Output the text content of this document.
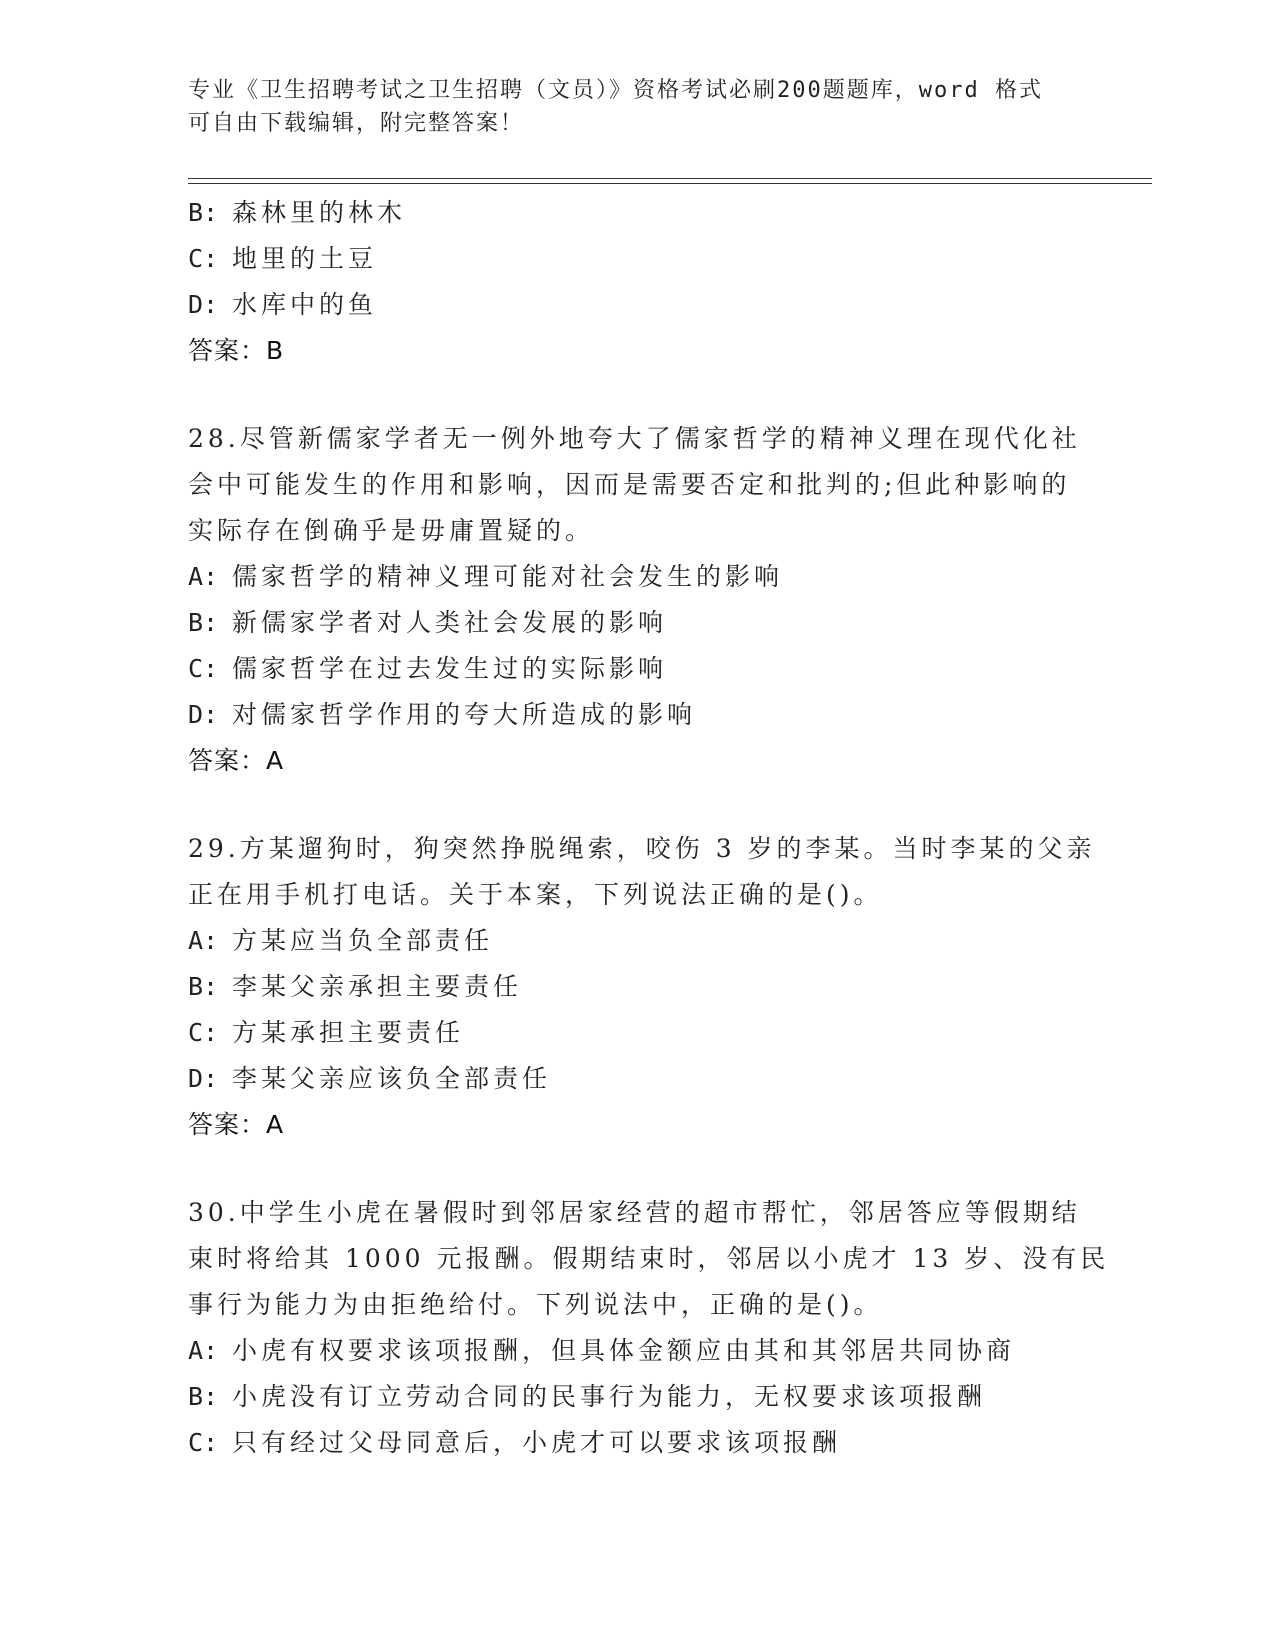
专业《卫生招聘考试之卫生招聘（文员）》资格考试必刷200题题库，word 格式
可自由下载编辑，附完整答案！
B: 森林里的林木
C: 地里的土豆
D: 水库中的鱼
答案：B
28.尽管新儒家学者无一例外地夸大了儒家哲学的精神义理在现代化社
会中可能发生的作用和影响，因而是需要否定和批判的;但此种影响的
实际存在倒确乎是毋庸置疑的。
A: 儒家哲学的精神义理可能对社会发生的影响
B: 新儒家学者对人类社会发展的影响
C: 儒家哲学在过去发生过的实际影响
D: 对儒家哲学作用的夸大所造成的影响
答案：A
29.方某遛狗时，狗突然挣脱绳索，咬伤 3 岁的李某。当时李某的父亲
正在用手机打电话。关于本案，下列说法正确的是()。
A: 方某应当负全部责任
B: 李某父亲承担主要责任
C: 方某承担主要责任
D: 李某父亲应该负全部责任
答案：A
30.中学生小虎在暑假时到邻居家经营的超市帮忙，邻居答应等假期结
束时将给其 1000 元报酬。假期结束时，邻居以小虎才 13 岁、没有民
事行为能力为由拒绝给付。下列说法中，正确的是()。
A: 小虎有权要求该项报酬，但具体金额应由其和其邻居共同协商
B: 小虎没有订立劳动合同的民事行为能力，无权要求该项报酬
C: 只有经过父母同意后，小虎才可以要求该项报酬
